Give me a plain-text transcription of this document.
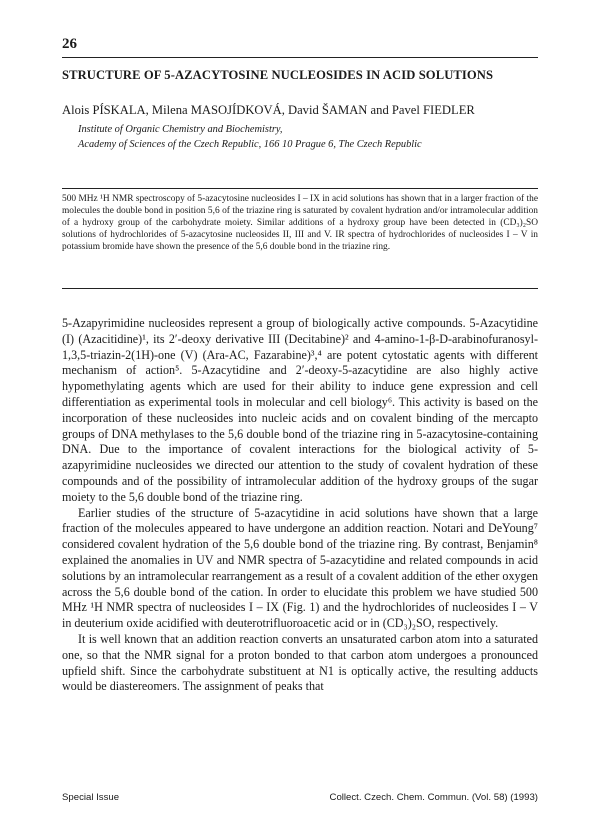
26
STRUCTURE OF 5-AZACYTOSINE NUCLEOSIDES IN ACID SOLUTIONS
Alois PÍSKALA, Milena MASOJÍDKOVÁ, David ŠAMAN and Pavel FIEDLER
Institute of Organic Chemistry and Biochemistry,
Academy of Sciences of the Czech Republic, 166 10 Prague 6, The Czech Republic
500 MHz ¹H NMR spectroscopy of 5-azacytosine nucleosides I – IX in acid solutions has shown that in a larger fraction of the molecules the double bond in position 5,6 of the triazine ring is saturated by covalent hydration and/or intramolecular addition of a hydroxy group of the carbohydrate moiety. Similar additions of a hydroxy group have been detected in (CD₃)₂SO solutions of hydrochlorides of 5-azacytosine nucleosides II, III and V. IR spectra of hydrochlorides of nucleosides I – V in potassium bromide have shown the presence of the 5,6 double bond in the triazine ring.

5-Azapyrimidine nucleosides represent a group of biologically active compounds. 5-Azacytidine (I) (Azacitidine)¹, its 2′-deoxy derivative III (Decitabine)² and 4-amino-1-β-D-arabinofuranosyl-1,3,5-triazin-2(1H)-one (V) (Ara-AC, Fazarabine)³,⁴ are potent cytostatic agents with different mechanism of action⁵. 5-Azacytidine and 2′-deoxy-5-azacytidine are also highly active hypomethylating agents which are used for their ability to induce gene expression and cell differentiation as experimental tools in molecular and cell biology⁶. This activity is based on the incorporation of these nucleosides into nucleic acids and on covalent binding of the mercapto groups of DNA methylases to the 5,6 double bond of the triazine ring in 5-azacytosine-containing DNA. Due to the importance of covalent interactions for the biological activity of 5-azapyrimidine nucleosides we directed our attention to the study of covalent hydration of these compounds and of the possibility of intramolecular addition of the hydroxy groups of the sugar moiety to the 5,6 double bond of the triazine ring.

Earlier studies of the structure of 5-azacytidine in acid solutions have shown that a large fraction of the molecules appeared to have undergone an addition reaction. Notari and DeYoung⁷ considered covalent hydration of the 5,6 double bond of the triazine ring. By contrast, Benjamin⁸ explained the anomalies in UV and NMR spectra of 5-azacytidine and related compounds in acid solutions by an intramolecular rearrangement as a result of a covalent addition of the ether oxygen across the 5,6 double bond of the cation. In order to elucidate this problem we have studied 500 MHz ¹H NMR spectra of nucleosides I – IX (Fig. 1) and the hydrochlorides of nucleosides I – V in deuterium oxide acidified with deuterotrifluoroacetic acid or in (CD₃)₂SO, respectively.

It is well known that an addition reaction converts an unsaturated carbon atom into a saturated one, so that the NMR signal for a proton bonded to that carbon atom undergoes a pronounced upfield shift. Since the carbohydrate substituent at N1 is optically active, the resulting adducts would be diastereomers. The assignment of peaks that

Special Issue	Collect. Czech. Chem. Commun. (Vol. 58) (1993)
